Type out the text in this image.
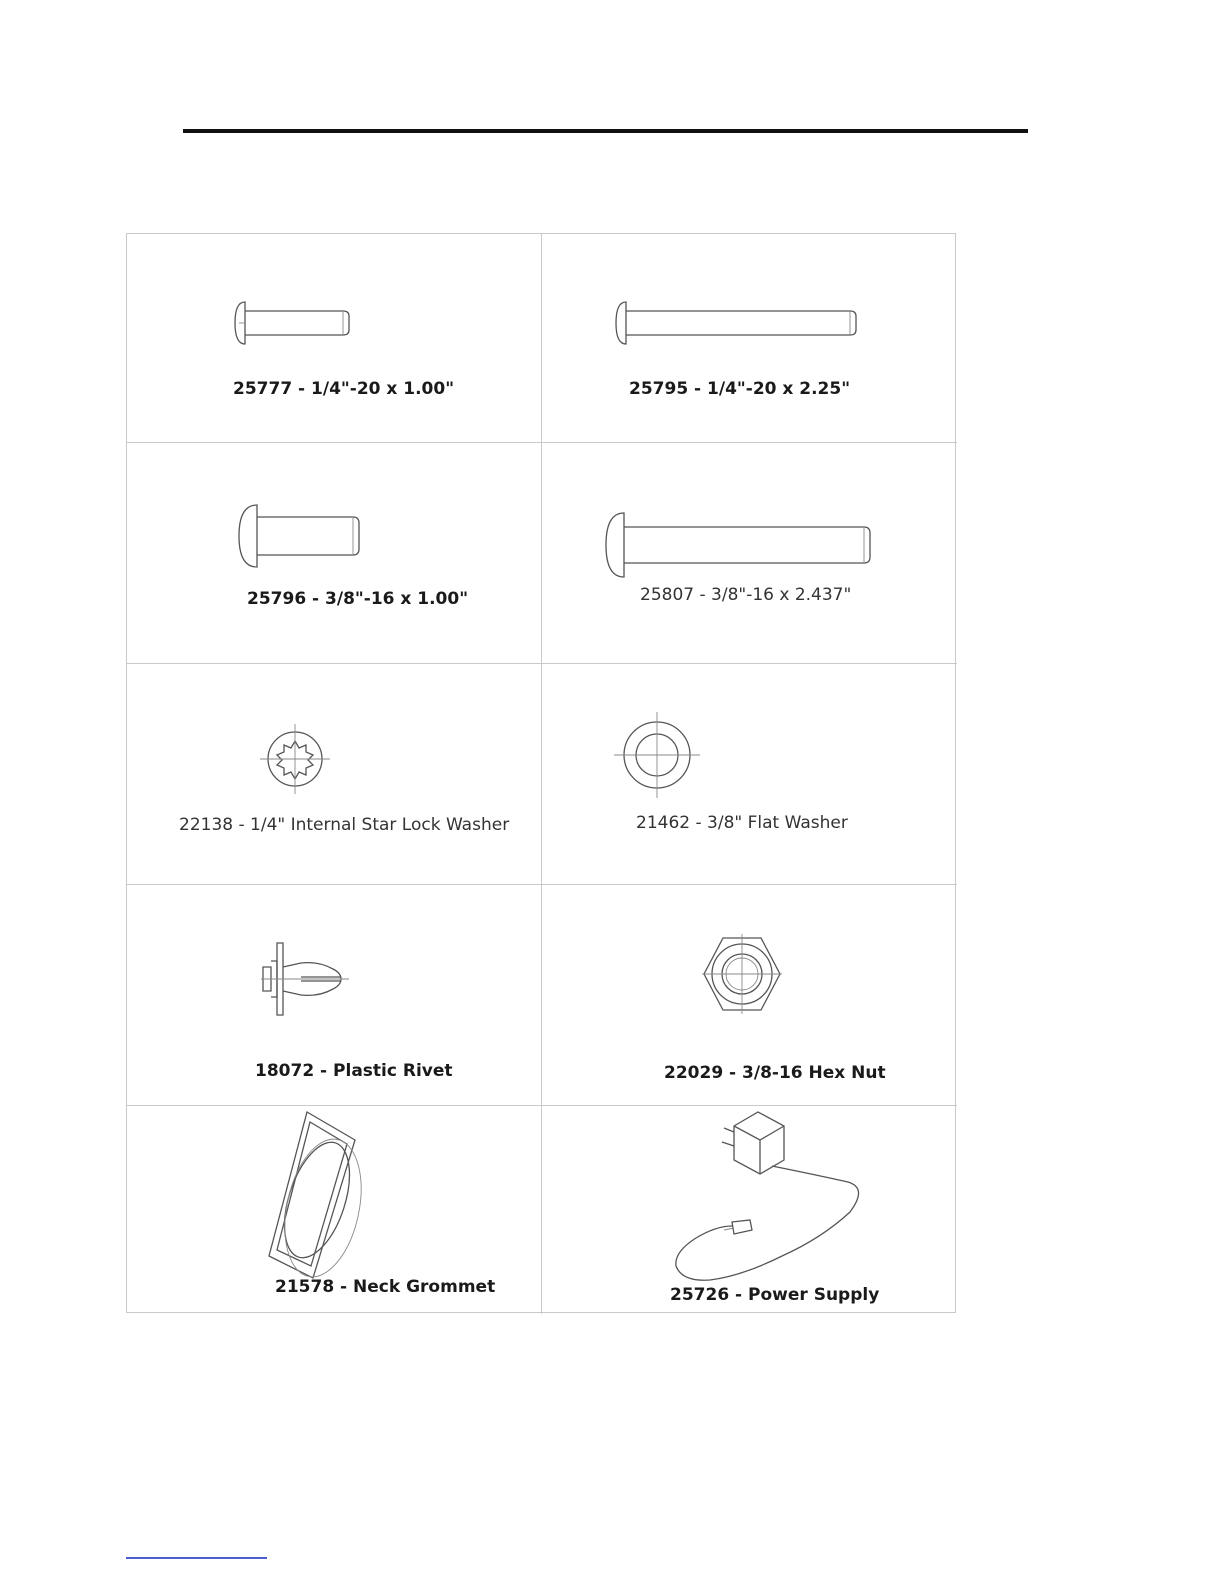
25777 - 1/4"-20 x 1.00"	25795 - 1/4"-20 x 2.25"
25796 - 3/8"-16 x 1.00"	25807 - 3/8"-16 x 2.437"
22138 - 1/4" Internal Star Lock Washer	21462 - 3/8" Flat Washer
18072 - Plastic Rivet	22029 - 3/8-16 Hex Nut
21578 - Neck Grommet	25726 - Power Supply
